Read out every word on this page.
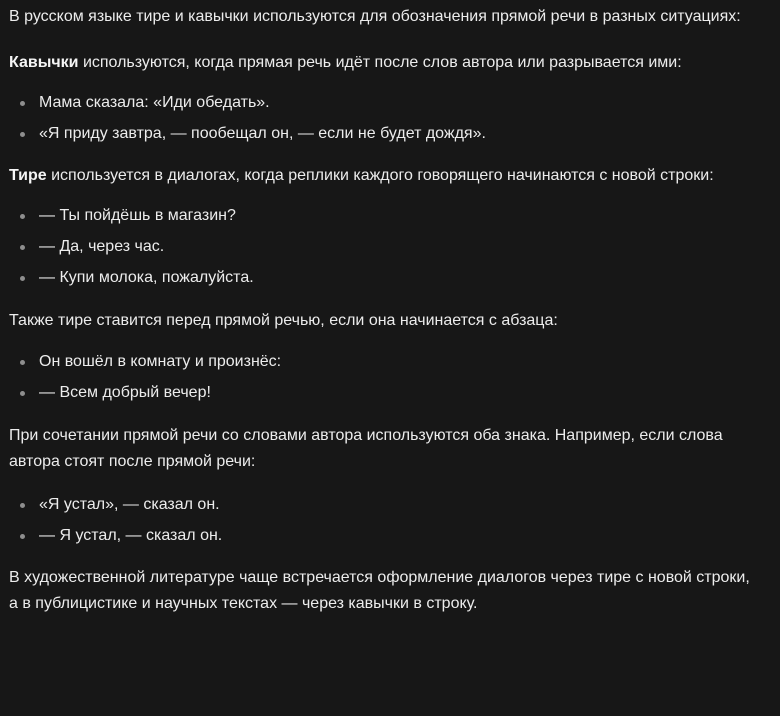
В русском языке тире и кавычки используются для обозначения прямой речи в разных ситуациях:

Кавычки используются, когда прямая речь идёт после слов автора или разрывается ими:

Мама сказала: «Иди обедать».
«Я приду завтра, — пообещал он, — если не будет дождя».

Тире используется в диалогах, когда реплики каждого говорящего начинаются с новой строки:

— Ты пойдёшь в магазин?
— Да, через час.
— Купи молока, пожалуйста.

Также тире ставится перед прямой речью, если она начинается с абзаца:

Он вошёл в комнату и произнёс:
— Всем добрый вечер!

При сочетании прямой речи со словами автора используются оба знака. Например, если слова автора стоят после прямой речи:

«Я устал», — сказал он.
— Я устал, — сказал он.

В художественной литературе чаще встречается оформление диалогов через тире с новой строки, а в публицистике и научных текстах — через кавычки в строку.
